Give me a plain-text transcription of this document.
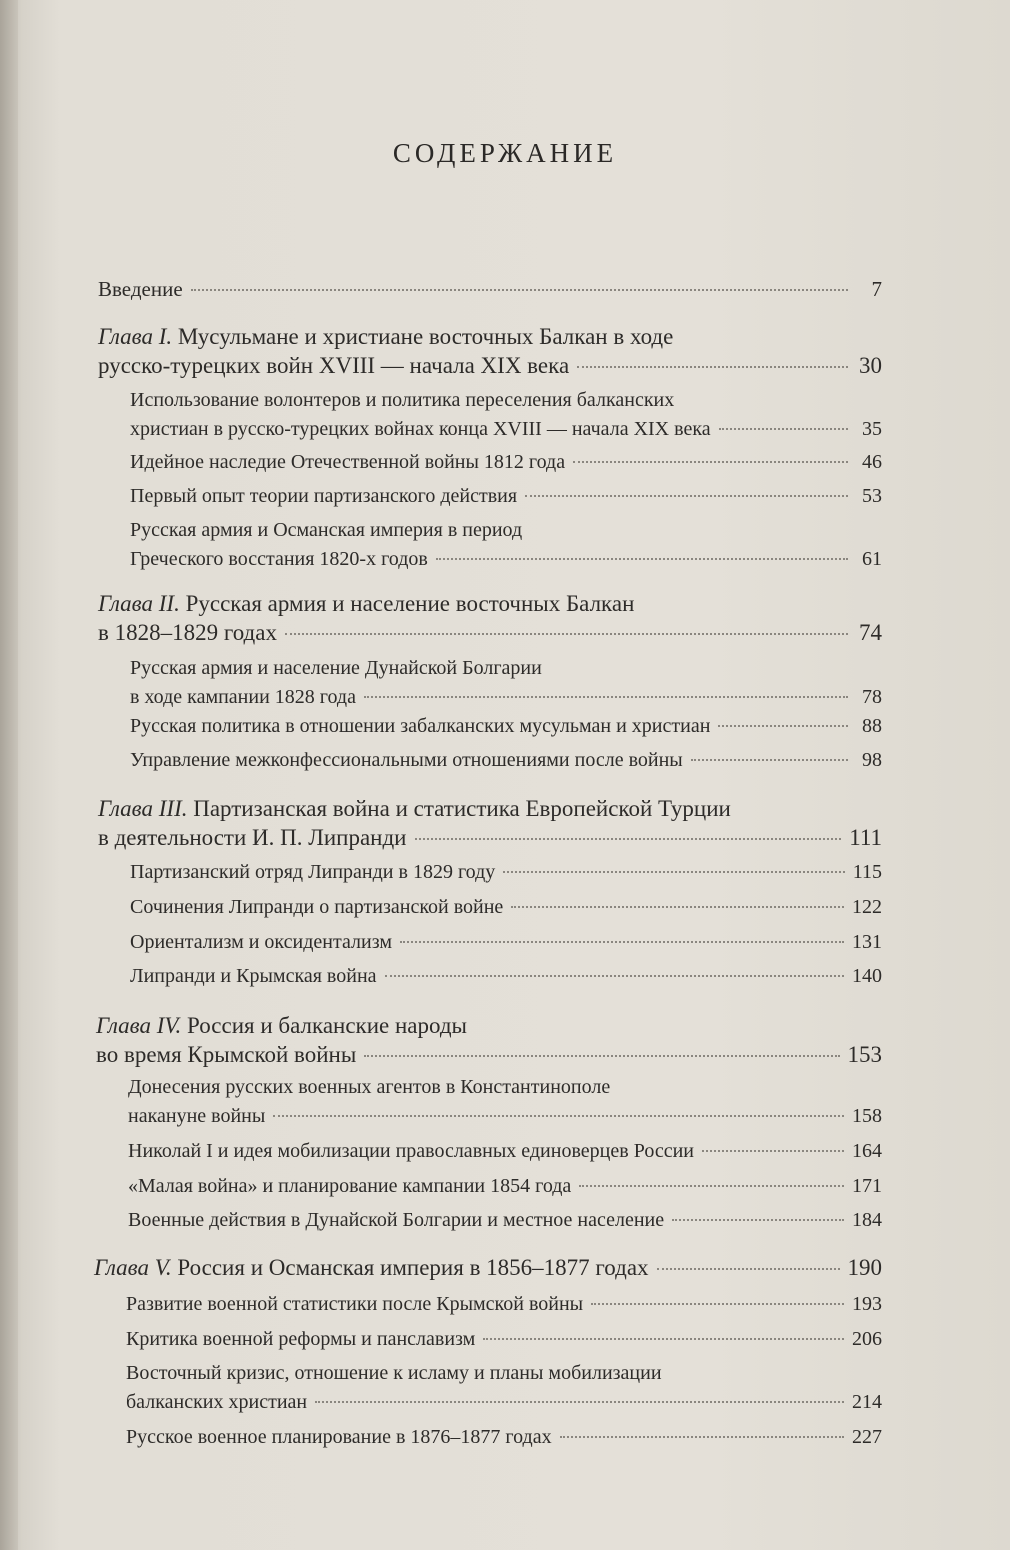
СОДЕРЖАНИЕ
Введение	7
Глава I.
Мусульмане и христиане восточных Балкан в ходе
русско-турецких войн XVIII — начала XIX века	30
Использование волонтеров и политика переселения балканских
христиан в русско-турецких войнах конца XVIII — начала XIX века	35
Идейное наследие Отечественной войны 1812 года	46
Первый опыт теории партизанского действия	53
Русская армия и Османская империя в период
Греческого восстания 1820-х годов	61
Глава II.
Русская армия и население восточных Балкан
в 1828–1829 годах	74
Русская армия и население Дунайской Болгарии
в ходе кампании 1828 года	78
Русская политика в отношении забалканских мусульман и христиан	88
Управление межконфессиональными отношениями после войны	98
Глава III.
Партизанская война и статистика Европейской Турции
в деятельности И. П. Липранди	111
Партизанский отряд Липранди в 1829 году	115
Сочинения Липранди о партизанской войне	122
Ориентализм и оксидентализм	131
Липранди и Крымская война	140
Глава IV.
Россия и балканские народы
во время Крымской войны	153
Донесения русских военных агентов в Константинополе
накануне войны	158
Николай I и идея мобилизации православных единоверцев России	164
«Малая война» и планирование кампании 1854 года	171
Военные действия в Дунайской Болгарии и местное население	184
Глава V.
Россия и Османская империя в 1856–1877 годах	190
Развитие военной статистики после Крымской войны	193
Критика военной реформы и панславизм	206
Восточный кризис, отношение к исламу и планы мобилизации
балканских христиан	214
Русское военное планирование в 1876–1877 годах	227
